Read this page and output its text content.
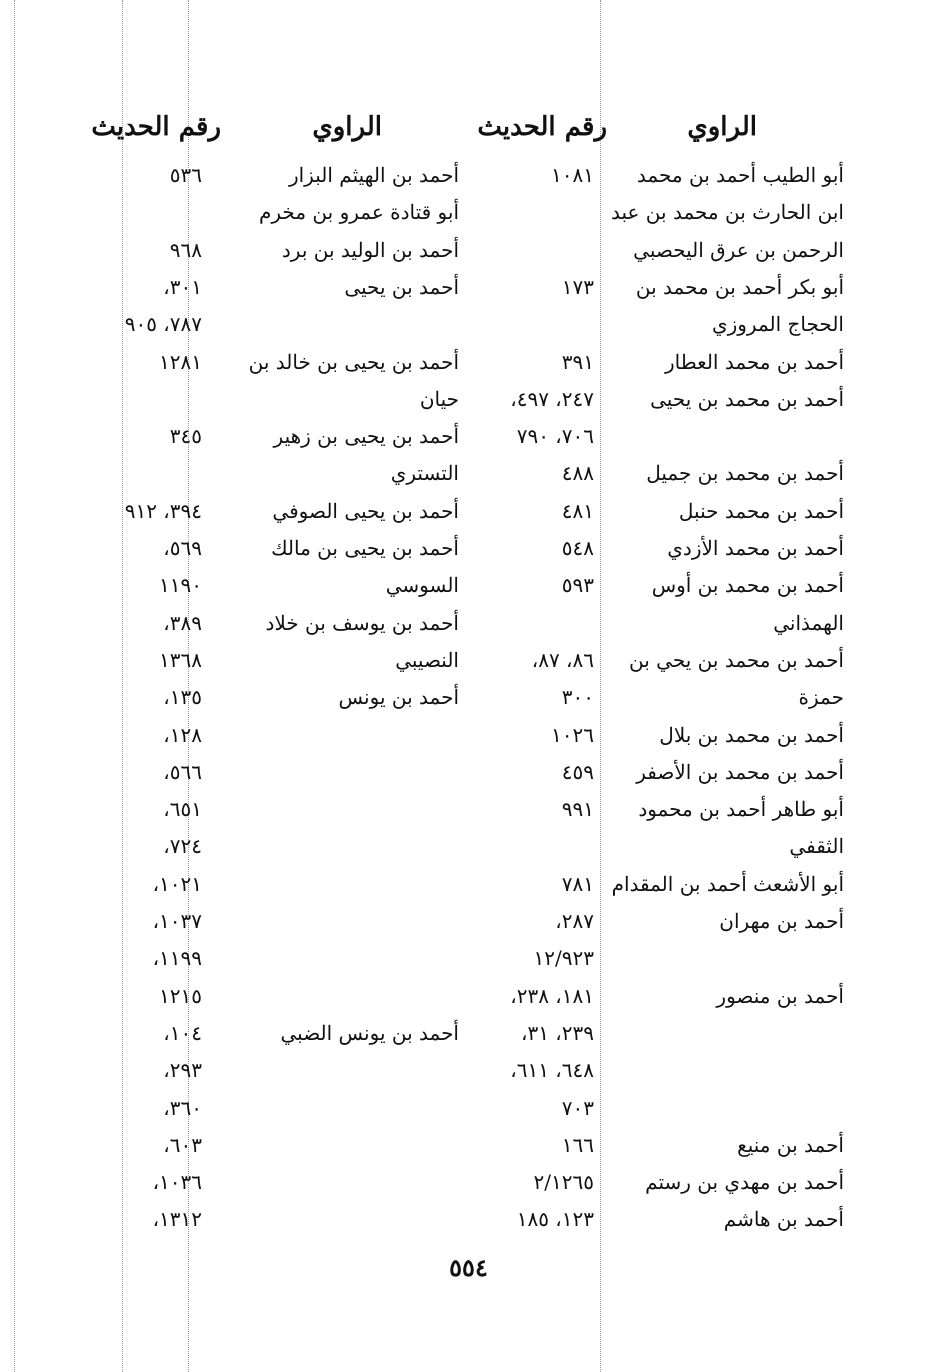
الراوي
رقم الحديث
الراوي
رقم الحديث
أبو الطيب أحمد بن محمد
١٠٨١
ابن الحارث بن محمد بن عبد
الرحمن بن عرق اليحصبي
أبو بكر أحمد بن محمد بن
١٧٣
الحجاج المروزي
أحمد بن محمد العطار
٣٩١
أحمد بن محمد بن يحيى
٢٤٧، ٤٩٧،
٧٠٦، ٧٩٠
أحمد بن محمد بن جميل
٤٨٨
أحمد بن محمد حنبل
٤٨١
أحمد بن محمد الأزدي
٥٤٨
أحمد بن محمد بن أوس
٥٩٣
الهمذاني
أحمد بن محمد بن يحي بن
٨٦، ٨٧،
حمزة
٣٠٠
أحمد بن محمد بن بلال
١٠٢٦
أحمد بن محمد بن الأصفر
٤٥٩
أبو طاهر أحمد بن محمود
٩٩١
الثقفي
أبو الأشعث أحمد بن المقدام
٧٨١
أحمد بن مهران
٢٨٧،
١٢/٩٢٣
أحمد بن منصور
١٨١، ٢٣٨،
٢٣٩، ٣١،
٦٤٨، ٦١١،
٧٠٣
أحمد بن منيع
١٦٦
أحمد بن مهدي بن رستم
٢/١٢٦٥
أحمد بن هاشم
١٢٣، ١٨٥
أحمد بن الهيثم البزار
٥٣٦
أبو قتادة عمرو بن مخرم
أحمد بن الوليد بن برد
٩٦٨
أحمد بن يحيى
٣٠١،
٧٨٧، ٩٠٥
أحمد بن يحيى بن خالد بن
١٢٨١
حيان
أحمد بن يحيى بن زهير
٣٤٥
التستري
أحمد بن يحيى الصوفي
٣٩٤، ٩١٢
أحمد بن يحيى بن مالك
٥٦٩،
السوسي
١١٩٠
أحمد بن يوسف بن خلاد
٣٨٩،
النصيبي
١٣٦٨
أحمد بن يونس
١٣٥،
١٢٨،
٥٦٦،
٦٥١،
٧٢٤،
١٠٢١،
١٠٣٧،
١١٩٩،
١٢١٥
أحمد بن يونس الضبي
١٠٤،
٢٩٣،
٣٦٠،
٦٠٣،
١٠٣٦،
١٣١٢،
٥٥٤
